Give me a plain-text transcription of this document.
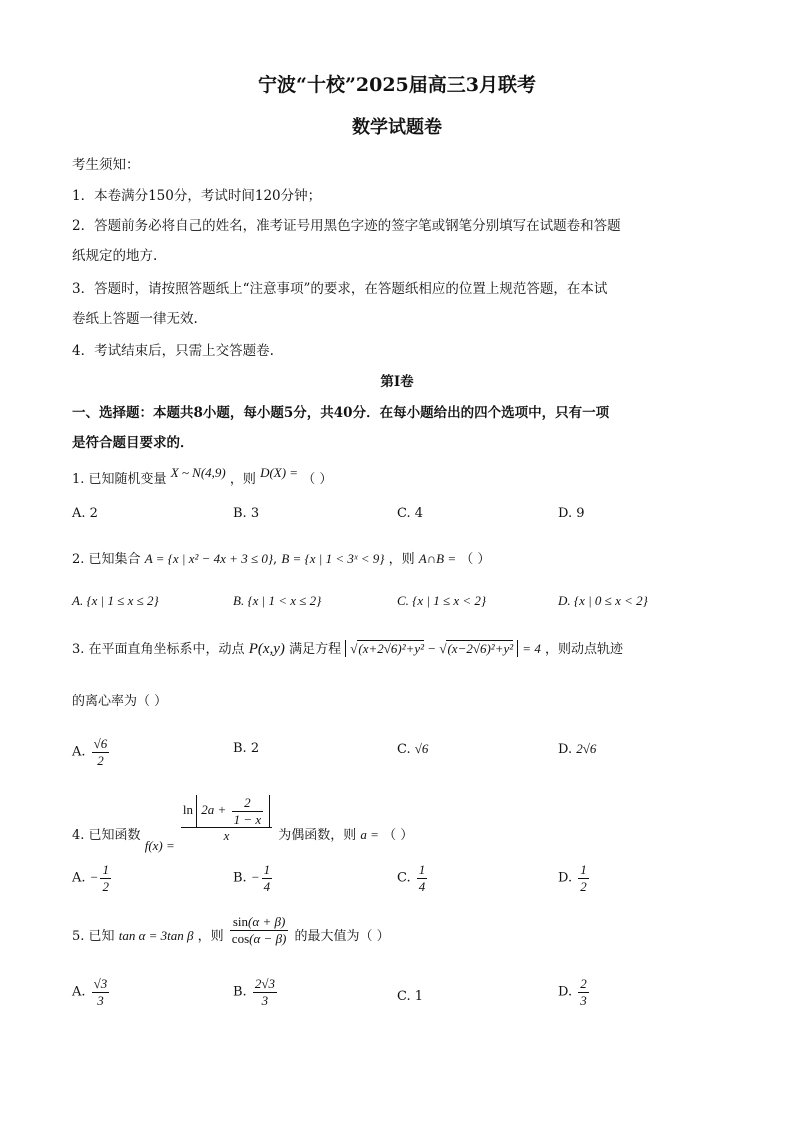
宁波“十校”2025届高三3月联考
数学试题卷
考生须知：
1．本卷满分150分，考试时间120分钟；
2．答题前务必将自己的姓名，准考证号用黑色字迹的签字笔或钢笔分别填写在试题卷和答题
纸规定的地方.
3．答题时，请按照答题纸上“注意事项”的要求，在答题纸相应的位置上规范答题，在本试
卷纸上答题一律无效.
4．考试结束后，只需上交答题卷.
第Ⅰ卷
一、选择题：本题共8小题，每小题5分，共40分．在每小题给出的四个选项中，只有一项
是符合题目要求的．
1. 已知随机变量 X ~ N(4,9) ，则 D(X) = （ ）
A. 2	B. 3	C. 4	D. 9
2. 已知集合 A = {x | x² − 4x + 3 ≤ 0}, B = {x | 1 < 3ˣ < 9} ，则 A∩B = （ ）
A. {x | 1 ≤ x ≤ 2}	B. {x | 1 < x ≤ 2}	C. {x | 1 ≤ x < 2}	D. {x | 0 ≤ x < 2}
3. 在平面直角坐标系中，动点 P(x,y) 满足方程 √(x+2√6)²+y² − √(x−2√6)²+y² = 4 ，则动点轨迹
的离心率为（ ）
A. $\frac{√6}{2}$	B. 2	C. √6	D. 2√6
4. 已知函数 f(x) =
$\frac{\ln 2a + \frac{2}{1 - x}}{x}$ 为偶函数，则 a = （ ）
A. − $\frac{1}{2}$	B. − $\frac{1}{4}$	C. $\frac{1}{4}$	D. $\frac{1}{2}$
5. 已知 tan α = 3tan β ，则 $\frac{\sin(\alpha + \beta)}{\cos(\alpha - \beta)}$ 的最大值为（ ）
A. $\frac{√3}{3}$	B. $\frac{2√3}{3}$	C. 1	D. $\frac{2}{3}$
